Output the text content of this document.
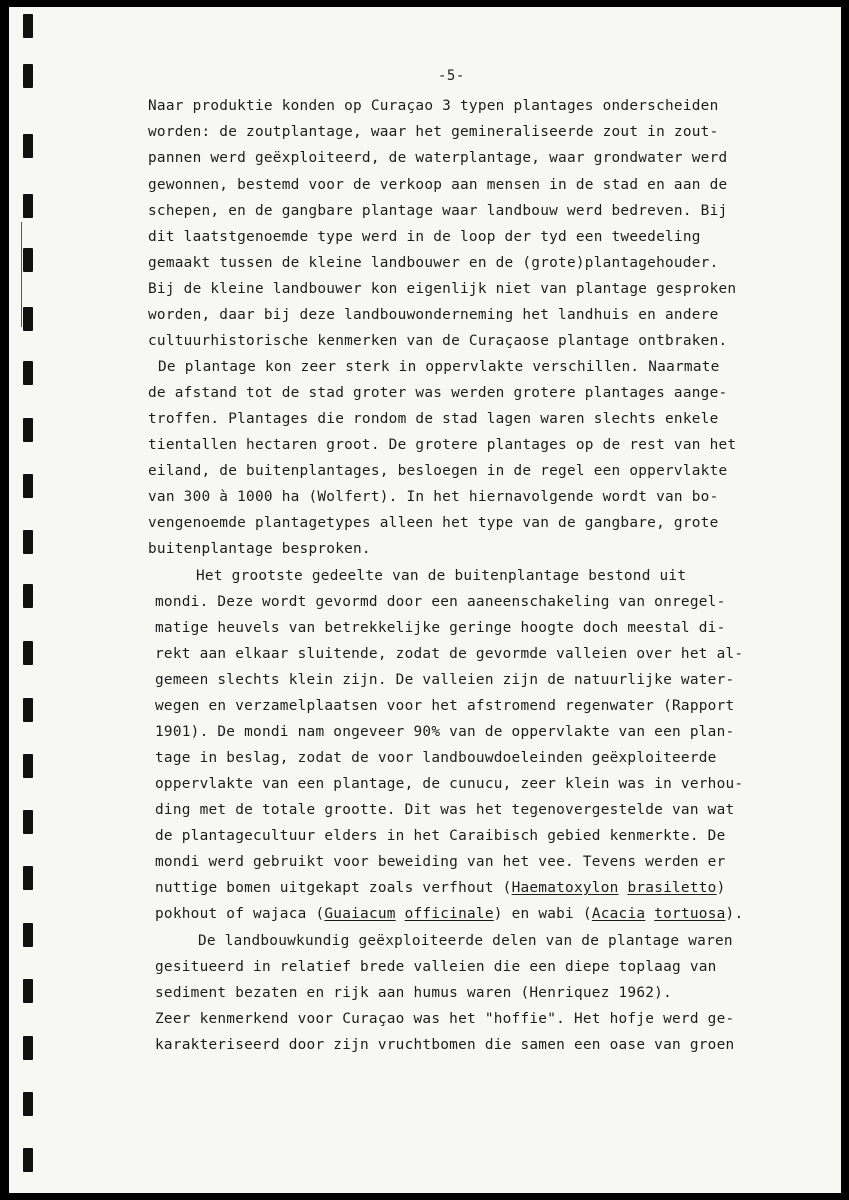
-5-
Naar produktie konden op Curaçao 3 typen plantages onderscheiden
worden: de zoutplantage, waar het gemineraliseerde zout in zout-
pannen werd geëxploiteerd, de waterplantage, waar grondwater werd
gewonnen, bestemd voor de verkoop aan mensen in de stad en aan de
schepen, en de gangbare plantage waar landbouw werd bedreven. Bij
dit laatstgenoemde type werd in de loop der tyd een tweedeling
gemaakt tussen de kleine landbouwer en de (grote)plantagehouder.
Bij de kleine landbouwer kon eigenlijk niet van plantage gesproken
worden, daar bij deze landbouwonderneming het landhuis en andere
cultuurhistorische kenmerken van de Curaçaose plantage ontbraken.
De plantage kon zeer sterk in oppervlakte verschillen. Naarmate
de afstand tot de stad groter was werden grotere plantages aange-
troffen. Plantages die rondom de stad lagen waren slechts enkele
tientallen hectaren groot. De grotere plantages op de rest van het
eiland, de buitenplantages, besloegen in de regel een oppervlakte
van 300 à 1000 ha (Wolfert). In het hiernavolgende wordt van bo-
vengenoemde plantagetypes alleen het type van de gangbare, grote
buitenplantage besproken.
Het grootste gedeelte van de buitenplantage bestond uit
mondi. Deze wordt gevormd door een aaneenschakeling van onregel-
matige heuvels van betrekkelijke geringe hoogte doch meestal di-
rekt aan elkaar sluitende, zodat de gevormde valleien over het al-
gemeen slechts klein zijn. De valleien zijn de natuurlijke water-
wegen en verzamelplaatsen voor het afstromend regenwater (Rapport
1901). De mondi nam ongeveer 90% van de oppervlakte van een plan-
tage in beslag, zodat de voor landbouwdoeleinden geëxploiteerde
oppervlakte van een plantage, de cunucu, zeer klein was in verhou-
ding met de totale grootte. Dit was het tegenovergestelde van wat
de plantagecultuur elders in het Caraibisch gebied kenmerkte. De
mondi werd gebruikt voor beweiding van het vee. Tevens werden er
nuttige bomen uitgekapt zoals verfhout (Haematoxylon brasiletto)
pokhout of wajaca (Guaiacum officinale) en wabi (Acacia tortuosa).
De landbouwkundig geëxploiteerde delen van de plantage waren
gesitueerd in relatief brede valleien die een diepe toplaag van
sediment bezaten en rijk aan humus waren (Henriquez 1962).
Zeer kenmerkend voor Curaçao was het "hoffie". Het hofje werd ge-
karakteriseerd door zijn vruchtbomen die samen een oase van groen
